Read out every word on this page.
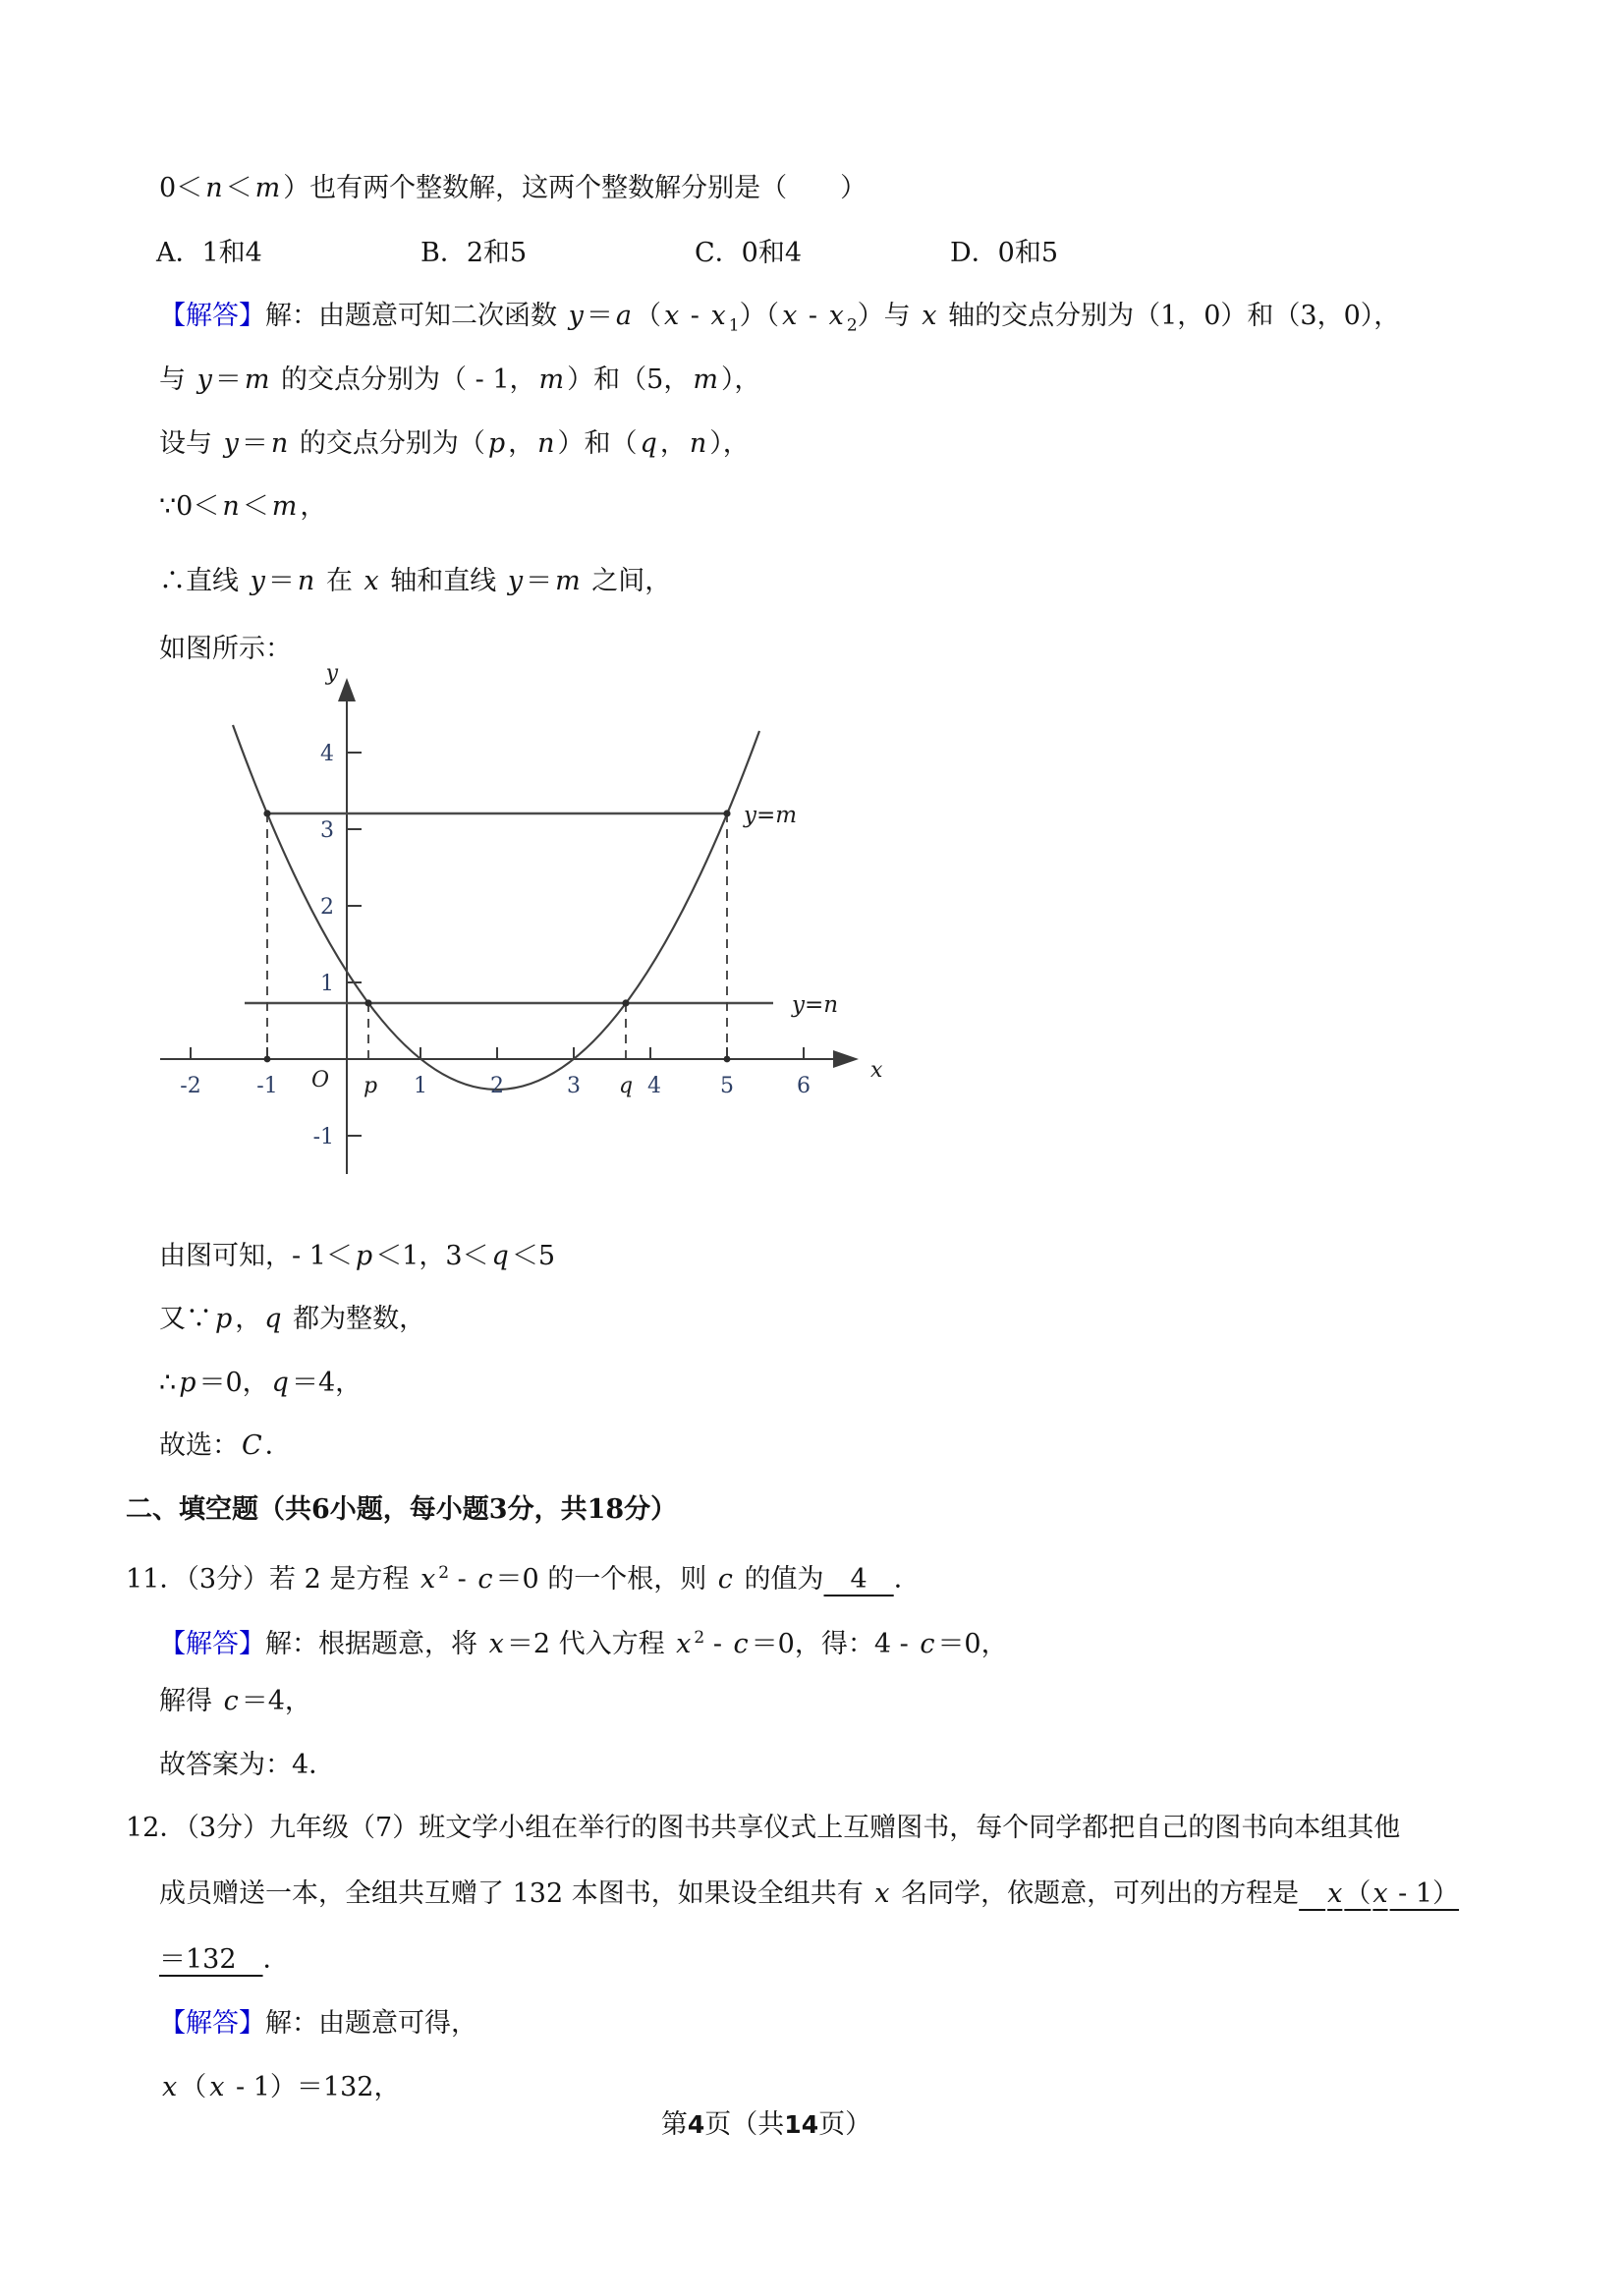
0＜ n ＜ m ）也有两个整数解，这两个整数解分别是（　　）
A．1和4	B．2和5	C．0和4	D．0和5
【解答】解：由题意可知二次函数 y ＝ a （ x - x $_1$）（ x - x $_2$）与 x 轴的交点分别为（1，0）和（3，0），
与 y ＝ m 的交点分别为（ - 1， m ）和（5， m ），
设与 y ＝ n 的交点分别为（ p ， n ）和（ q ， n ），
∵0＜ n ＜ m ，
∴直线 y ＝ n 在 x 轴和直线 y ＝ m 之间，
如图所示：
y
x
O
-2	-1	1	2	3	4	5	6
p	q
4
3
2
1
-1
y=m
y=n
由图可知，- 1＜ p ＜1，3＜ q ＜5
又∵ p ， q 都为整数，
∴ p ＝0， q ＝4，
故选： C ．
二、填空题（共6小题，每小题3分，共18分）
11．（3分）若 2 是方程 x $^2$ - c ＝0 的一个根，则 c 的值为　4　．
【解答】解：根据题意，将 x ＝2 代入方程 x $^2$ - c ＝0，得：4 - c ＝0，
解得 c ＝4，
故答案为：4．
12．（3分）九年级（7）班文学小组在举行的图书共享仪式上互赠图书，每个同学都把自己的图书向本组其他
成员赠送一本，全组共互赠了 132 本图书，如果设全组共有 x 名同学，依题意，可列出的方程是　 x（x - 1）
＝132　．
【解答】解：由题意可得，
x （ x - 1）＝132，
第4页（共14页）
